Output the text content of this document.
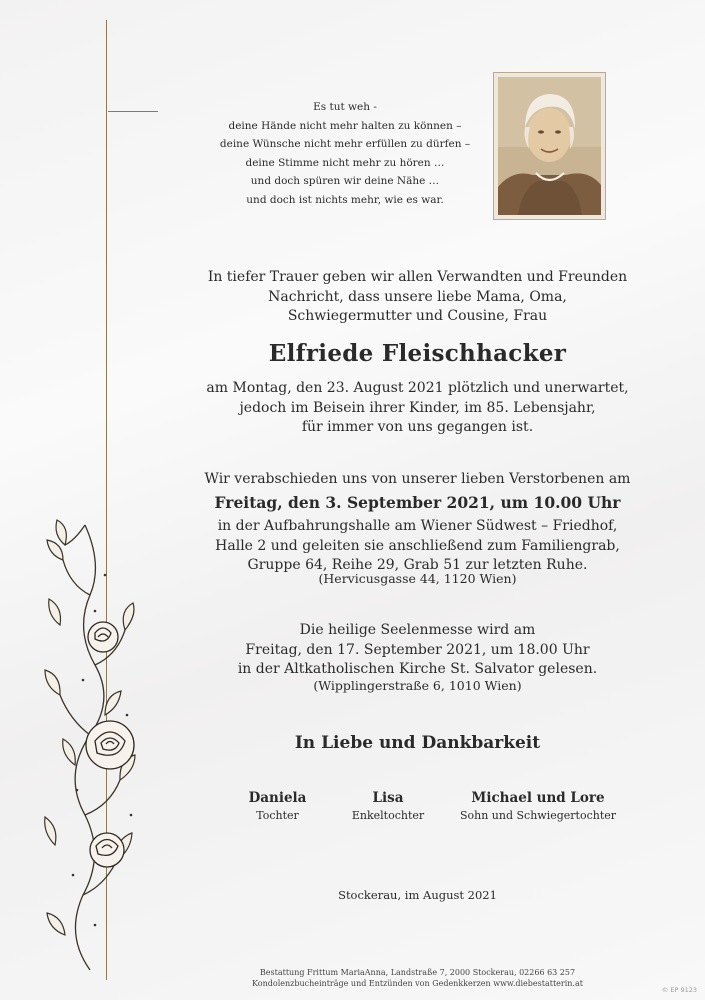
Es tut weh -
deine Hände nicht mehr halten zu können –
deine Wünsche nicht mehr erfüllen zu dürfen –
deine Stimme nicht mehr zu hören …
und doch spüren wir deine Nähe …
und doch ist nichts mehr, wie es war.
In tiefer Trauer geben wir allen Verwandten und Freunden
Nachricht, dass unsere liebe Mama, Oma,
Schwiegermutter und Cousine, Frau
Elfriede Fleischhacker
am Montag, den 23. August 2021 plötzlich und unerwartet,
jedoch im Beisein ihrer Kinder, im 85. Lebensjahr,
für immer von uns gegangen ist.
Wir verabschieden uns von unserer lieben Verstorbenen am
Freitag, den 3. September 2021, um 10.00 Uhr
in der Aufbahrungshalle am Wiener Südwest – Friedhof,
Halle 2 und geleiten sie anschließend zum Familiengrab,
Gruppe 64, Reihe 29, Grab 51 zur letzten Ruhe.
(Hervicusgasse 44, 1120 Wien)
Die heilige Seelenmesse wird am
Freitag, den 17. September 2021, um 18.00 Uhr
in der Altkatholischen Kirche St. Salvator gelesen.
(Wipplingerstraße 6, 1010 Wien)
In Liebe und Dankbarkeit
Daniela
Tochter
Lisa
Enkeltochter
Michael und Lore
Sohn und Schwiegertochter
Stockerau, im August 2021
Bestattung Frittum MariaAnna, Landstraße 7, 2000 Stockerau, 02266 63 257
Kondolenzbucheinträge und Entzünden von Gedenkkerzen www.diebestatterin.at
© EP 9123
